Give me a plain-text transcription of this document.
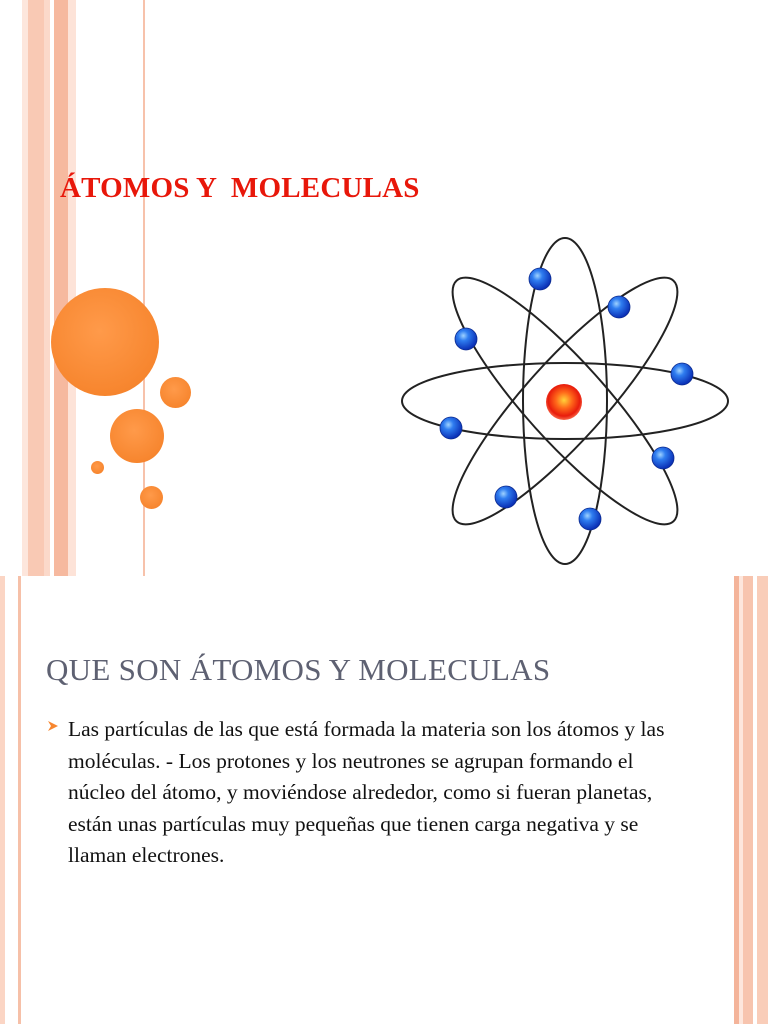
ÁTOMOS Y  MOLECULAS
QUE SON ÁTOMOS Y MOLECULAS

Las partículas de las que está formada la materia son los átomos y las moléculas. - Los protones y los neutrones se agrupan formando el núcleo del átomo, y moviéndose alrededor, como si fueran planetas, están unas partículas muy pequeñas que tienen carga negativa y se llaman electrones.
